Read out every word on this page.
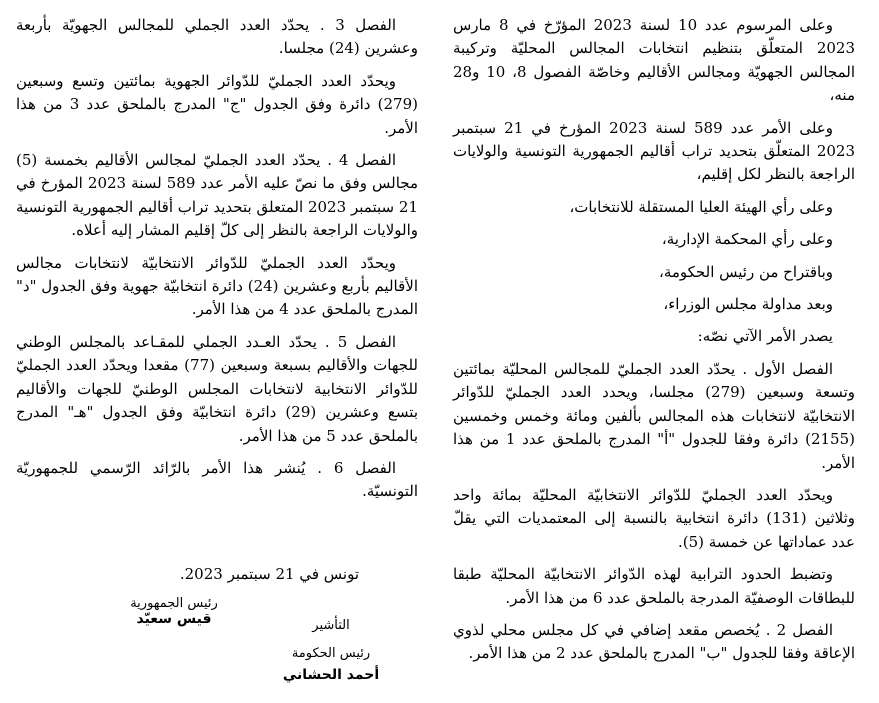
وعلى المرسوم عدد 10 لسنة 2023 المؤرّخ في 8 مارس 2023 المتعلّق بتنظيم انتخابات المجالس المحليّة وتركيبة المجالس الجهويّة ومجالس الأقاليم وخاصّة الفصول 8، 10 و28 منه،

وعلى الأمر عدد 589 لسنة 2023 المؤرخ في 21 سبتمبر 2023 المتعلّق بتحديد تراب أقاليم الجمهورية التونسية والولايات الراجعة بالنظر لكل إقليم،

وعلى رأي الهيئة العليا المستقلة للانتخابات،

وعلى رأي المحكمة الإدارية،

وباقتراح من رئيس الحكومة،

وبعد مداولة مجلس الوزراء،

يصدر الأمر الآتي نصّه:

الفصل الأول . يحدّد العدد الجمليّ للمجالس المحليّة بمائتين وتسعة وسبعين (279) مجلسا، ويحدد العدد الجمليّ للدّوائر الانتخابيّة لانتخابات هذه المجالس بألفين ومائة وخمس وخمسين (2155) دائرة وفقا للجدول "أ" المدرج بالملحق عدد 1 من هذا الأمر.

ويحدّد العدد الجمليّ للدّوائر الانتخابيّة المحليّة بمائة واحد وثلاثين (131) دائرة انتخابية بالنسبة إلى المعتمديات التي يقلّ عدد عماداتها عن خمسة (5).

وتضبط الحدود الترابية لهذه الدّوائر الانتخابيّة المحليّة طبقا للبطاقات الوصفيّة المدرجة بالملحق عدد 6 من هذا الأمر.

الفصل 2 . يُخصص مقعد إضافي في كل مجلس محلي لذوي الإعاقة وفقا للجدول "ب" المدرج بالملحق عدد 2 من هذا الأمر.

الفصل 3 . يحدّد العدد الجملي للمجالس الجهويّة بأربعة وعشرين (24) مجلسا.

ويحدّد العدد الجمليّ للدّوائر الجهوية بمائتين وتسع وسبعين (279) دائرة وفق الجدول "ج" المدرج بالملحق عدد 3 من هذا الأمر.

الفصل 4 . يحدّد العدد الجمليّ لمجالس الأقاليم بخمسة (5) مجالس وفق ما نصّ عليه الأمر عدد 589 لسنة 2023 المؤرخ في 21 سبتمبر 2023 المتعلق بتحديد تراب أقاليم الجمهورية التونسية والولايات الراجعة بالنظر إلى كلّ إقليم المشار إليه أعلاه.

ويحدّد العدد الجمليّ للدّوائر الانتخابيّة لانتخابات مجالس الأقاليم بأربع وعشرين (24) دائرة انتخابيّة جهوية وفق الجدول "د" المدرج بالملحق عدد 4 من هذا الأمر.

الفصل 5 . يحدّد العـدد الجملي للمقـاعد بالمجلس الوطني للجهات والأقاليم بسبعة وسبعين (77) مقعدا ويحدّد العدد الجمليّ للدّوائر الانتخابية لانتخابات المجلس الوطنيّ للجهات والأقاليم بتسع وعشرين (29) دائرة انتخابيّة وفق الجدول "هـ" المدرج بالملحق عدد 5 من هذا الأمر.

الفصل 6 . يُنشر هذا الأمر بالرّائد الرّسمي للجمهوريّة التونسيّة.

تونس في 21 سبتمبر 2023.
رئيس الجمهورية
قيس سعيّد	التأشير
رئيس الحكومة
أحمد الحشاني
